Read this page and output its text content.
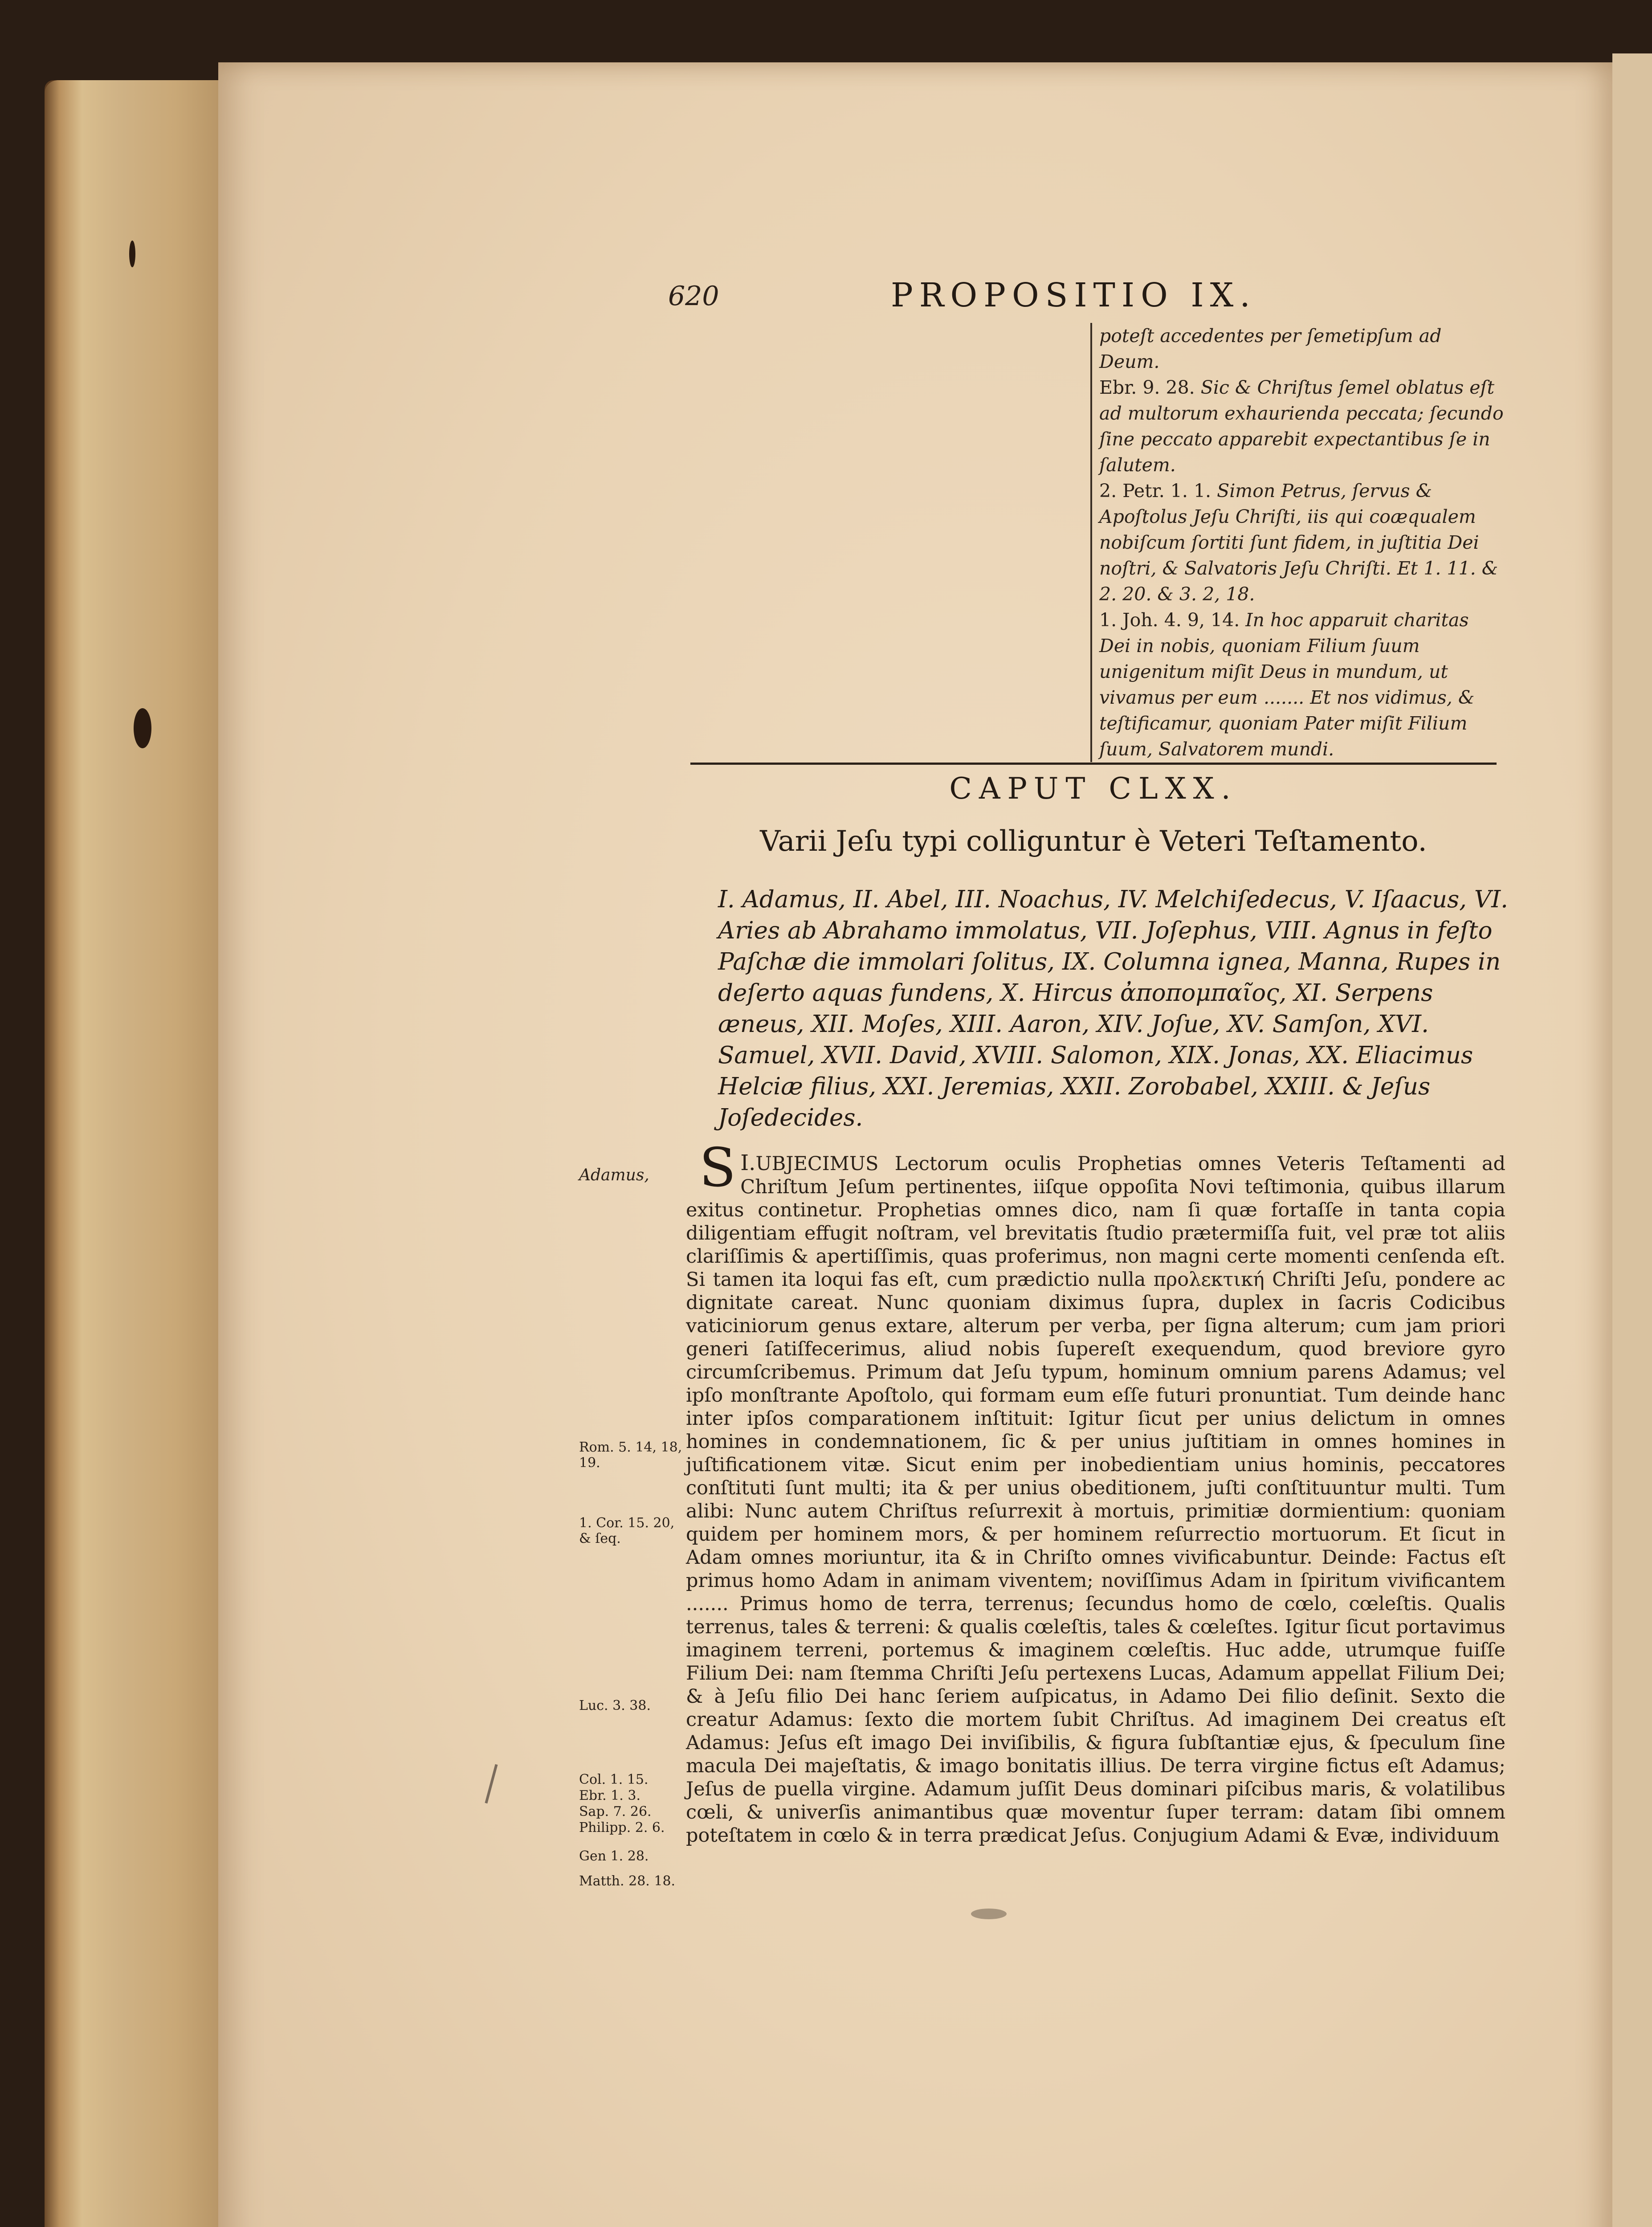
620	PROPOSITIO IX.

poteſt accedentes per ſemetipſum ad Deum.

Ebr. 9. 28. Sic & Chriſtus ſemel oblatus eſt ad multorum exhaurienda peccata; ſecundo ſine peccato apparebit expectantibus ſe in ſalutem.

2. Petr. 1. 1. Simon Petrus, ſervus & Apoſtolus Jeſu Chriſti, iis qui coæqualem nobiſcum ſortiti ſunt fidem, in juſtitia Dei noſtri, & Salvatoris Jeſu Chriſti. Et 1. 11. & 2. 20. & 3. 2, 18.

1. Joh. 4. 9, 14. In hoc apparuit charitas Dei in nobis, quoniam Filium ſuum unigenitum miſit Deus in mundum, ut vivamus per eum ....... Et nos vidimus, & teſtificamur, quoniam Pater miſit Filium ſuum, Salvatorem mundi.

CAPUT CLXX.
Varii Jeſu typi colliguntur è Veteri Teſtamento.

I. Adamus, II. Abel, III. Noachus, IV. Melchiſedecus, V. Iſaacus, VI. Aries ab Abrahamo immolatus, VII. Joſephus, VIII. Agnus in feſto Paſchæ die immolari ſolitus, IX. Columna ignea, Manna, Rupes in deſerto aquas fundens, X. Hircus ἀποπομπαῖος, XI. Serpens æneus, XII. Moſes, XIII. Aaron, XIV. Joſue, XV. Samſon, XVI. Samuel, XVII. David, XVIII. Salomon, XIX. Jonas, XX. Eliacimus Helciæ filius, XXI. Jeremias, XXII. Zorobabel, XXIII. & Jeſus Joſedecides.

Adamus,
Rom. 5. 14, 18, 19.
1. Cor. 15. 20, & ſeq.
Luc. 3. 38.
Col. 1. 15.
Ebr. 1. 3.
Sap. 7. 26.
Philipp. 2. 6.
Gen 1. 28.
Matth. 28. 18.

I.
S UBJECIMUS Lectorum oculis Prophetias omnes Veteris Teſtamenti ad Chriſtum Jeſum pertinentes, iiſque oppoſita Novi teſtimonia, quibus illarum exitus continetur. Prophetias omnes dico, nam ſi quæ fortaſſe in tanta copia diligentiam effugit noſtram, vel brevitatis ſtudio prætermiſſa fuit, vel præ tot aliis clariſſimis & apertiſſimis, quas proferimus, non magni certe momenti cenſenda eſt. Si tamen ita loqui fas eſt, cum prædictio nulla προλεκτική Chriſti Jeſu, pondere ac dignitate careat. Nunc quoniam diximus ſupra, duplex in ſacris Codicibus vaticiniorum genus extare, alterum per verba, per ſigna alterum; cum jam priori generi ſatiſfecerimus, aliud nobis ſupereſt exequendum, quod breviore gyro circumſcribemus. Primum dat Jeſu typum, hominum omnium parens Adamus; vel ipſo monſtrante Apoſtolo, qui formam eum eſſe futuri pronuntiat. Tum deinde hanc inter ipſos comparationem inſtituit: Igitur ſicut per unius delictum in omnes homines in condemnationem, ſic & per unius juſtitiam in omnes homines in juſtificationem vitæ. Sicut enim per inobedientiam unius hominis, peccatores conſtituti ſunt multi; ita & per unius obeditionem, juſti conſtituuntur multi. Tum alibi: Nunc autem Chriſtus reſurrexit à mortuis, primitiæ dormientium: quoniam quidem per hominem mors, & per hominem reſurrectio mortuorum. Et ſicut in Adam omnes moriuntur, ita & in Chriſto omnes vivificabuntur. Deinde: Factus eſt primus homo Adam in animam viventem; noviſſimus Adam in ſpiritum vivificantem ....... Primus homo de terra, terrenus; ſecundus homo de cœlo, cœleſtis. Qualis terrenus, tales & terreni: & qualis cœleſtis, tales & cœleſtes. Igitur ſicut portavimus imaginem terreni, portemus & imaginem cœleſtis. Huc adde, utrumque fuiſſe Filium Dei: nam ſtemma Chriſti Jeſu pertexens Lucas, Adamum appellat Filium Dei; & à Jeſu filio Dei hanc ſeriem auſpicatus, in Adamo Dei filio deſinit. Sexto die creatur Adamus: ſexto die mortem ſubit Chriſtus. Ad imaginem Dei creatus eſt Adamus: Jeſus eſt imago Dei inviſibilis, & figura ſubſtantiæ ejus, & ſpeculum ſine macula Dei majeſtatis, & imago bonitatis illius. De terra virgine fictus eſt Adamus; Jeſus de puella virgine. Adamum juſſit Deus dominari piſcibus maris, & volatilibus cœli, & univerſis animantibus quæ moventur ſuper terram: datam ſibi omnem poteſtatem in cœlo & in terra prædicat Jeſus. Conjugium Adami & Evæ, individuum
